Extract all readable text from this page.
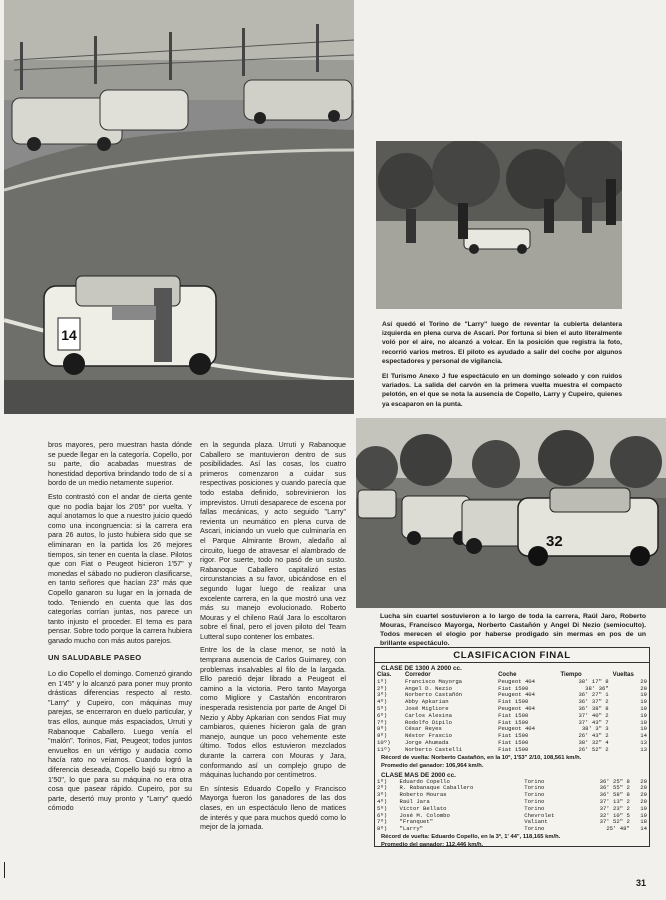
14
Así quedó el Torino de "Larry" luego de reventar la cubierta delantera izquierda en plena curva de Ascari. Por fortuna si bien el auto literalmente voló por el aire, no alcanzó a volcar. En la posición que registra la foto, recorrió varios metros. El piloto es ayudado a salir del coche por algunos espectadores y personal de vigilancia.
El Turismo Anexo J fue espectáculo en un domingo soleado y con ruidos variados. La salida del carvón en la primera vuelta muestra el compacto pelotón, en el que se nota la ausencia de Copello, Larry y Cupeiro, quienes ya escaparon en la punta.
32
Lucha sin cuartel sostuvieron a lo largo de toda la carrera, Raúl Jaro, Roberto Mouras, Francisco Mayorga, Norberto Castañón y Angel Di Nezio (semioculto). Todos merecen el elogio por haberse prodigado sin mermas en pos de un brillante espectáculo.

bros mayores, pero muestran hasta dónde se puede llegar en la categoría. Copello, por su parte, dio acabadas muestras de honestidad deportiva brindando todo de sí a bordo de un medio netamente superior.

Esto contrastó con el andar de cierta gente que no podía bajar los 2'05" por vuelta. Y aquí anotamos lo que a nuestro juicio quedó como una incongruencia: si la carrera era para 26 autos, lo justo hubiera sido que se eliminaran en la partida los 26 mejores tiempos, sin tener en cuenta la clase. Pilotos que con Fiat o Peugeot hicieron 1'57" y monedas el sábado no pudieron clasificarse, en tanto señores que hacían 23" más que Copello ganaron su lugar en la jornada de todo. Teniendo en cuenta que las dos categorías corrían juntas, nos parece un tanto injusto el proceder. El tema es para pensar. Sobre todo porque la carrera hubiera ganado mucho con más autos parejos.

UN SALUDABLE PASEO

Lo dio Copello el domingo. Comenzó girando en 1'45" y lo alcanzó para poner muy pronto drásticas diferencias respecto al resto. "Larry" y Cupeiro, con máquinas muy parejas, se encerraron en duelo particular, y tras ellos, aunque más espaciados, Urruti y Rabanoque Caballero. Luego venía el "malón". Torinos, Fiat, Peugeot; todos juntos envueltos en un vértigo y audacia como hacía rato no veíamos. Cuando logró la diferencia deseada, Copello bajó su ritmo a 1'50", lo que para su máquina no era otra cosa que pasear rápido. Cupeiro, por su parte, desertó muy pronto y "Larry" quedó cómodo

en la segunda plaza. Urruti y Rabanoque Caballero se mantuvieron dentro de sus posibilidades. Así las cosas, los cuatro primeros comenzaron a cuidar sus respectivas posiciones y cuando parecía que todo estaba definido, sobrevinieron los imprevistos. Urruti desaparece de escena por fallas mecánicas, y acto seguido "Larry" revienta un neumático en plena curva de Ascari, iniciando un vuelo que culminaría en el Parque Almirante Brown, aledaño al circuito, luego de atravesar el alambrado de rigor. Por suerte, todo no pasó de un susto. Rabanoque Caballero capitalizó estas circunstancias a su favor, ubicándose en el segundo lugar luego de realizar una excelente carrera, en la que mostró una vez más su manejo evolucionado. Roberto Mouras y el chileno Raúl Jara lo escoltaron sobre el final, pero el joven piloto del Team Lutteral supo contener los embates.

Entre los de la clase menor, se notó la temprana ausencia de Carlos Guimarey, con problemas insalvables al filo de la largada. Ello pareció dejar librado a Peugeot el camino a la victoria. Pero tanto Mayorga como Migliore y Castañón encontraron inesperada resistencia por parte de Angel Di Nezio y Abby Apkarian con sendos Fiat muy cambiaros, quienes hicieron gala de gran manejo, aunque un poco vehemente este último. Todos ellos estuvieron mezclados durante la carrera con Mouras y Jara, conformando así un complejo grupo de máquinas luchando por centímetros.

En síntesis Eduardo Copello y Francisco Mayorga fueron los ganadores de las dos clases, en un espectáculo lleno de matices de interés y que para muchos quedó como lo mejor de la jornada.

CLASIFICACION FINAL
CLASE DE 1300 A 2000 cc.
Clas.	Corredor	Coche	Tiempo	Vueltas
1º)	Francisco Mayorga	Peugeot 404	38' 17" 8	20
2º)	Angel D. Nezio	Fiat 1500	38' 36"	20
3º)	Norberto Castañón	Peugeot 404	36' 27" 1	19
4º)	Abby Apkarian	Fiat 1500	36' 37" 2	19
5º)	José Migliore	Peugeot 404	36' 38" 8	19
6º)	Carlos Alesina	Fiat 1500	37' 40" 2	19
7º)	Rodolfo Dipilo	Fiat 1500	37' 43" 7	19
8º)	César Reyes	Peugeot 404	38' 3" 3	19
9º)	Néstor Frascio	Fiat 1500	26' 43" 2	14
10º)	Jorge Ahumada	Fiat 1500	38' 32" 4	13
11º)	Norberto Castelli	Fiat 1500	26' 52" 2	13
Récord de vuelta: Norberto Castañón, en la 10ª, 1'53" 2/10, 108,561 km/h.
Promedio del ganador: 106,964 km/h.
CLASE MAS DE 2000 cc.
1º)	Eduardo Copello	Torino	36' 25" 8	20
2º)	R. Rabanaque Caballero	Torino	36' 55" 2	20
3º)	Roberto Mouras	Torino	36' 58" 8	20
4º)	Raúl Jara	Torino	37' 13" 2	20
5º)	Víctor Bellato	Torino	37' 23" 2	19
6º)	José M. Colombo	Chevrolet	32' 10" 5	19
7º)	"Franquet"	Valiant	37' 52" 2	18
8º)	"Larry"	Torino	25' 48"	14
Récord de vuelta: Eduardo Copello, en la 3ª, 1' 44", 118,165 km/h.
Promedio del ganador: 112,446 km/h.
31
